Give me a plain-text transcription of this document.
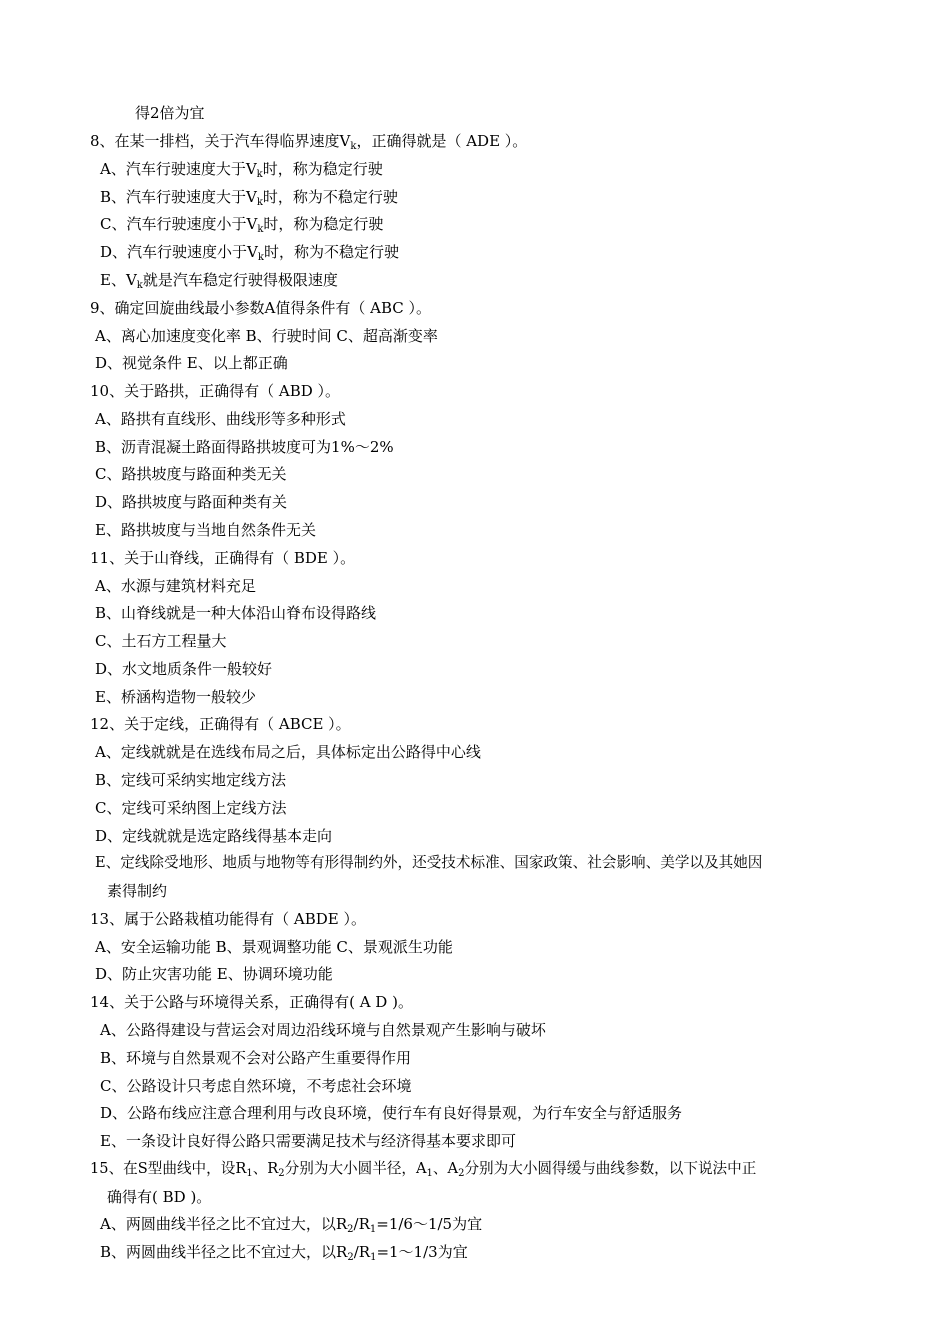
得2倍为宜
8、在某一排档，关于汽车得临界速度$V_k$，正确得就是（ ADE ）。
A、汽车行驶速度大于$V_k$时，称为稳定行驶
B、汽车行驶速度大于$V_k$时，称为不稳定行驶
C、汽车行驶速度小于$V_k$时，称为稳定行驶
D、汽车行驶速度小于$V_k$时，称为不稳定行驶
E、$V_k$就是汽车稳定行驶得极限速度
9、确定回旋曲线最小参数A值得条件有（ ABC ）。
A、离心加速度变化率 B、行驶时间 C、超高渐变率
D、视觉条件 E、以上都正确
10、关于路拱，正确得有（ ABD ）。
A、路拱有直线形、曲线形等多种形式
B、沥青混凝土路面得路拱坡度可为1%～2%
C、路拱坡度与路面种类无关
D、路拱坡度与路面种类有关
E、路拱坡度与当地自然条件无关
11、关于山脊线，正确得有（ BDE ）。
A、水源与建筑材料充足
B、山脊线就是一种大体沿山脊布设得路线
C、土石方工程量大
D、水文地质条件一般较好
E、桥涵构造物一般较少
12、关于定线，正确得有（ ABCE ）。
A、定线就就是在选线布局之后，具体标定出公路得中心线
B、定线可采纳实地定线方法
C、定线可采纳图上定线方法
D、定线就就是选定路线得基本走向
E、定线除受地形、地质与地物等有形得制约外，还受技术标准、国家政策、社会影响、美学以及其她因
素得制约
13、属于公路栽植功能得有（ ABDE ）。
A、安全运输功能 B、景观调整功能 C、景观派生功能
D、防止灾害功能 E、协调环境功能
14、关于公路与环境得关系，正确得有( A D )。
A、公路得建设与营运会对周边沿线环境与自然景观产生影响与破坏
B、环境与自然景观不会对公路产生重要得作用
C、公路设计只考虑自然环境，不考虑社会环境
D、公路布线应注意合理利用与改良环境，使行车有良好得景观，为行车安全与舒适服务
E、一条设计良好得公路只需要满足技术与经济得基本要求即可
15、在S型曲线中，设$R_1$、$R_2$分别为大小圆半径，$A_1$、$A_2$分别为大小圆得缓与曲线参数，以下说法中正
确得有( BD )。
A、两圆曲线半径之比不宜过大，以$R_2/R_1=1/6\sim 1/5$为宜
B、两圆曲线半径之比不宜过大，以$R_2/R_1=1\sim 1/3$为宜
